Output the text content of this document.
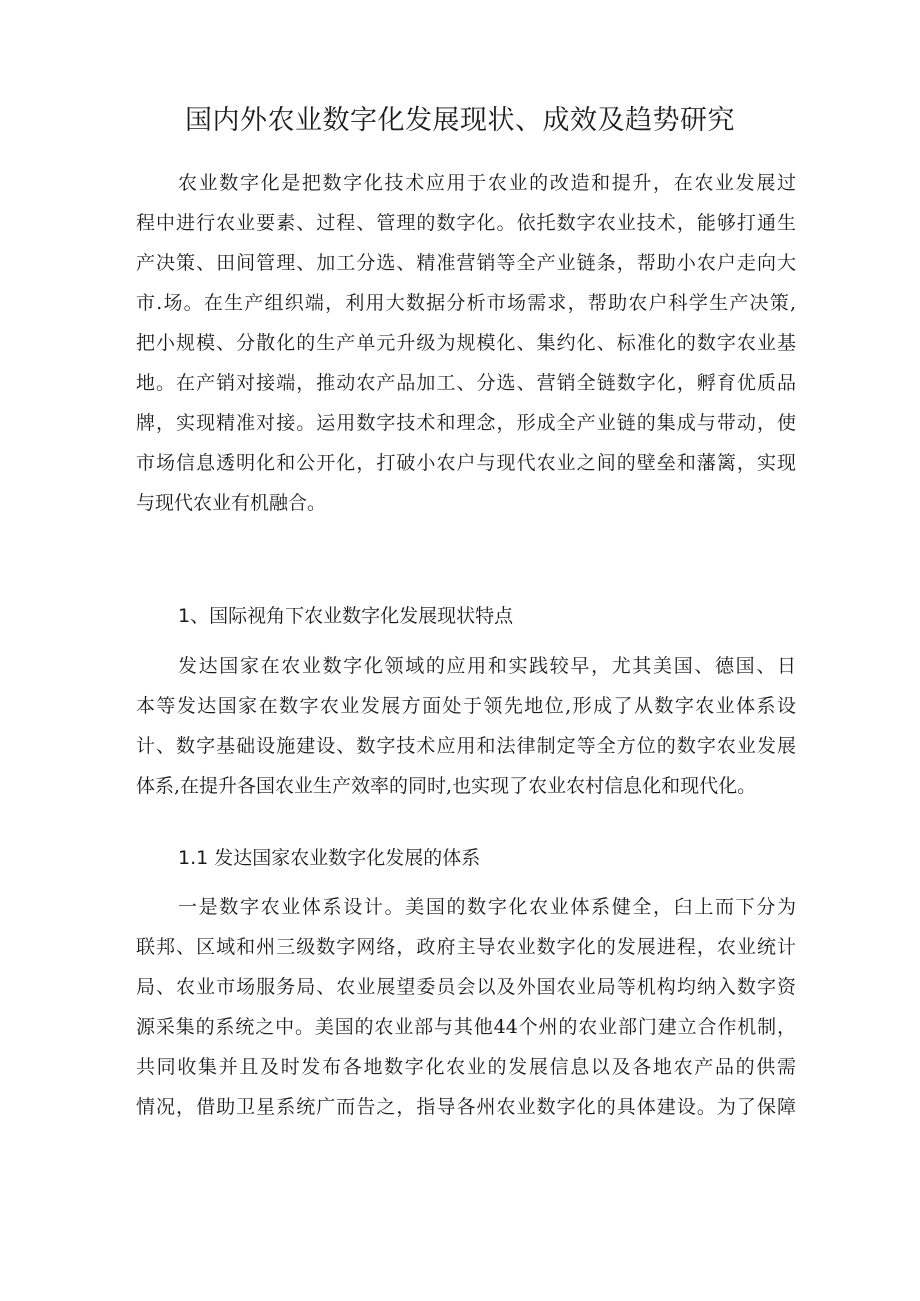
国内外农业数字化发展现状、成效及趋势研究
农业数字化是把数字化技术应用于农业的改造和提升，在农业发展过
程中进行农业要素、过程、管理的数字化。依托数字农业技术，能够打通生
产决策、田间管理、加工分选、精准营销等全产业链条，帮助小农户走向大
市.场。在生产组织端，利用大数据分析市场需求，帮助农户科学生产决策,
把小规模、分散化的生产单元升级为规模化、集约化、标准化的数字农业基
地。在产销对接端，推动农产品加工、分选、营销全链数字化，孵育优质品
牌，实现精准对接。运用数字技术和理念，形成全产业链的集成与带动，使
市场信息透明化和公开化，打破小农户与现代农业之间的壁垒和藩篱，实现
与现代农业有机融合。
1、国际视角下农业数字化发展现状特点
发达国家在农业数字化领域的应用和实践较早，尤其美国、德国、日
本等发达国家在数字农业发展方面处于领先地位,形成了从数字农业体系设
计、数字基础设施建设、数字技术应用和法律制定等全方位的数字农业发展
体系,在提升各国农业生产效率的同时,也实现了农业农村信息化和现代化。
1.1 发达国家农业数字化发展的体系
一是数字农业体系设计。美国的数字化农业体系健全，臼上而下分为
联邦、区域和州三级数字网络，政府主导农业数字化的发展进程，农业统计
局、农业市场服务局、农业展望委员会以及外国农业局等机构均纳入数字资
源采集的系统之中。美国的农业部与其他44个州的农业部门建立合作机制，
共同收集并且及时发布各地数字化农业的发展信息以及各地农产品的供需
情况，借助卫星系统广而告之，指导各州农业数字化的具体建设。为了保障
